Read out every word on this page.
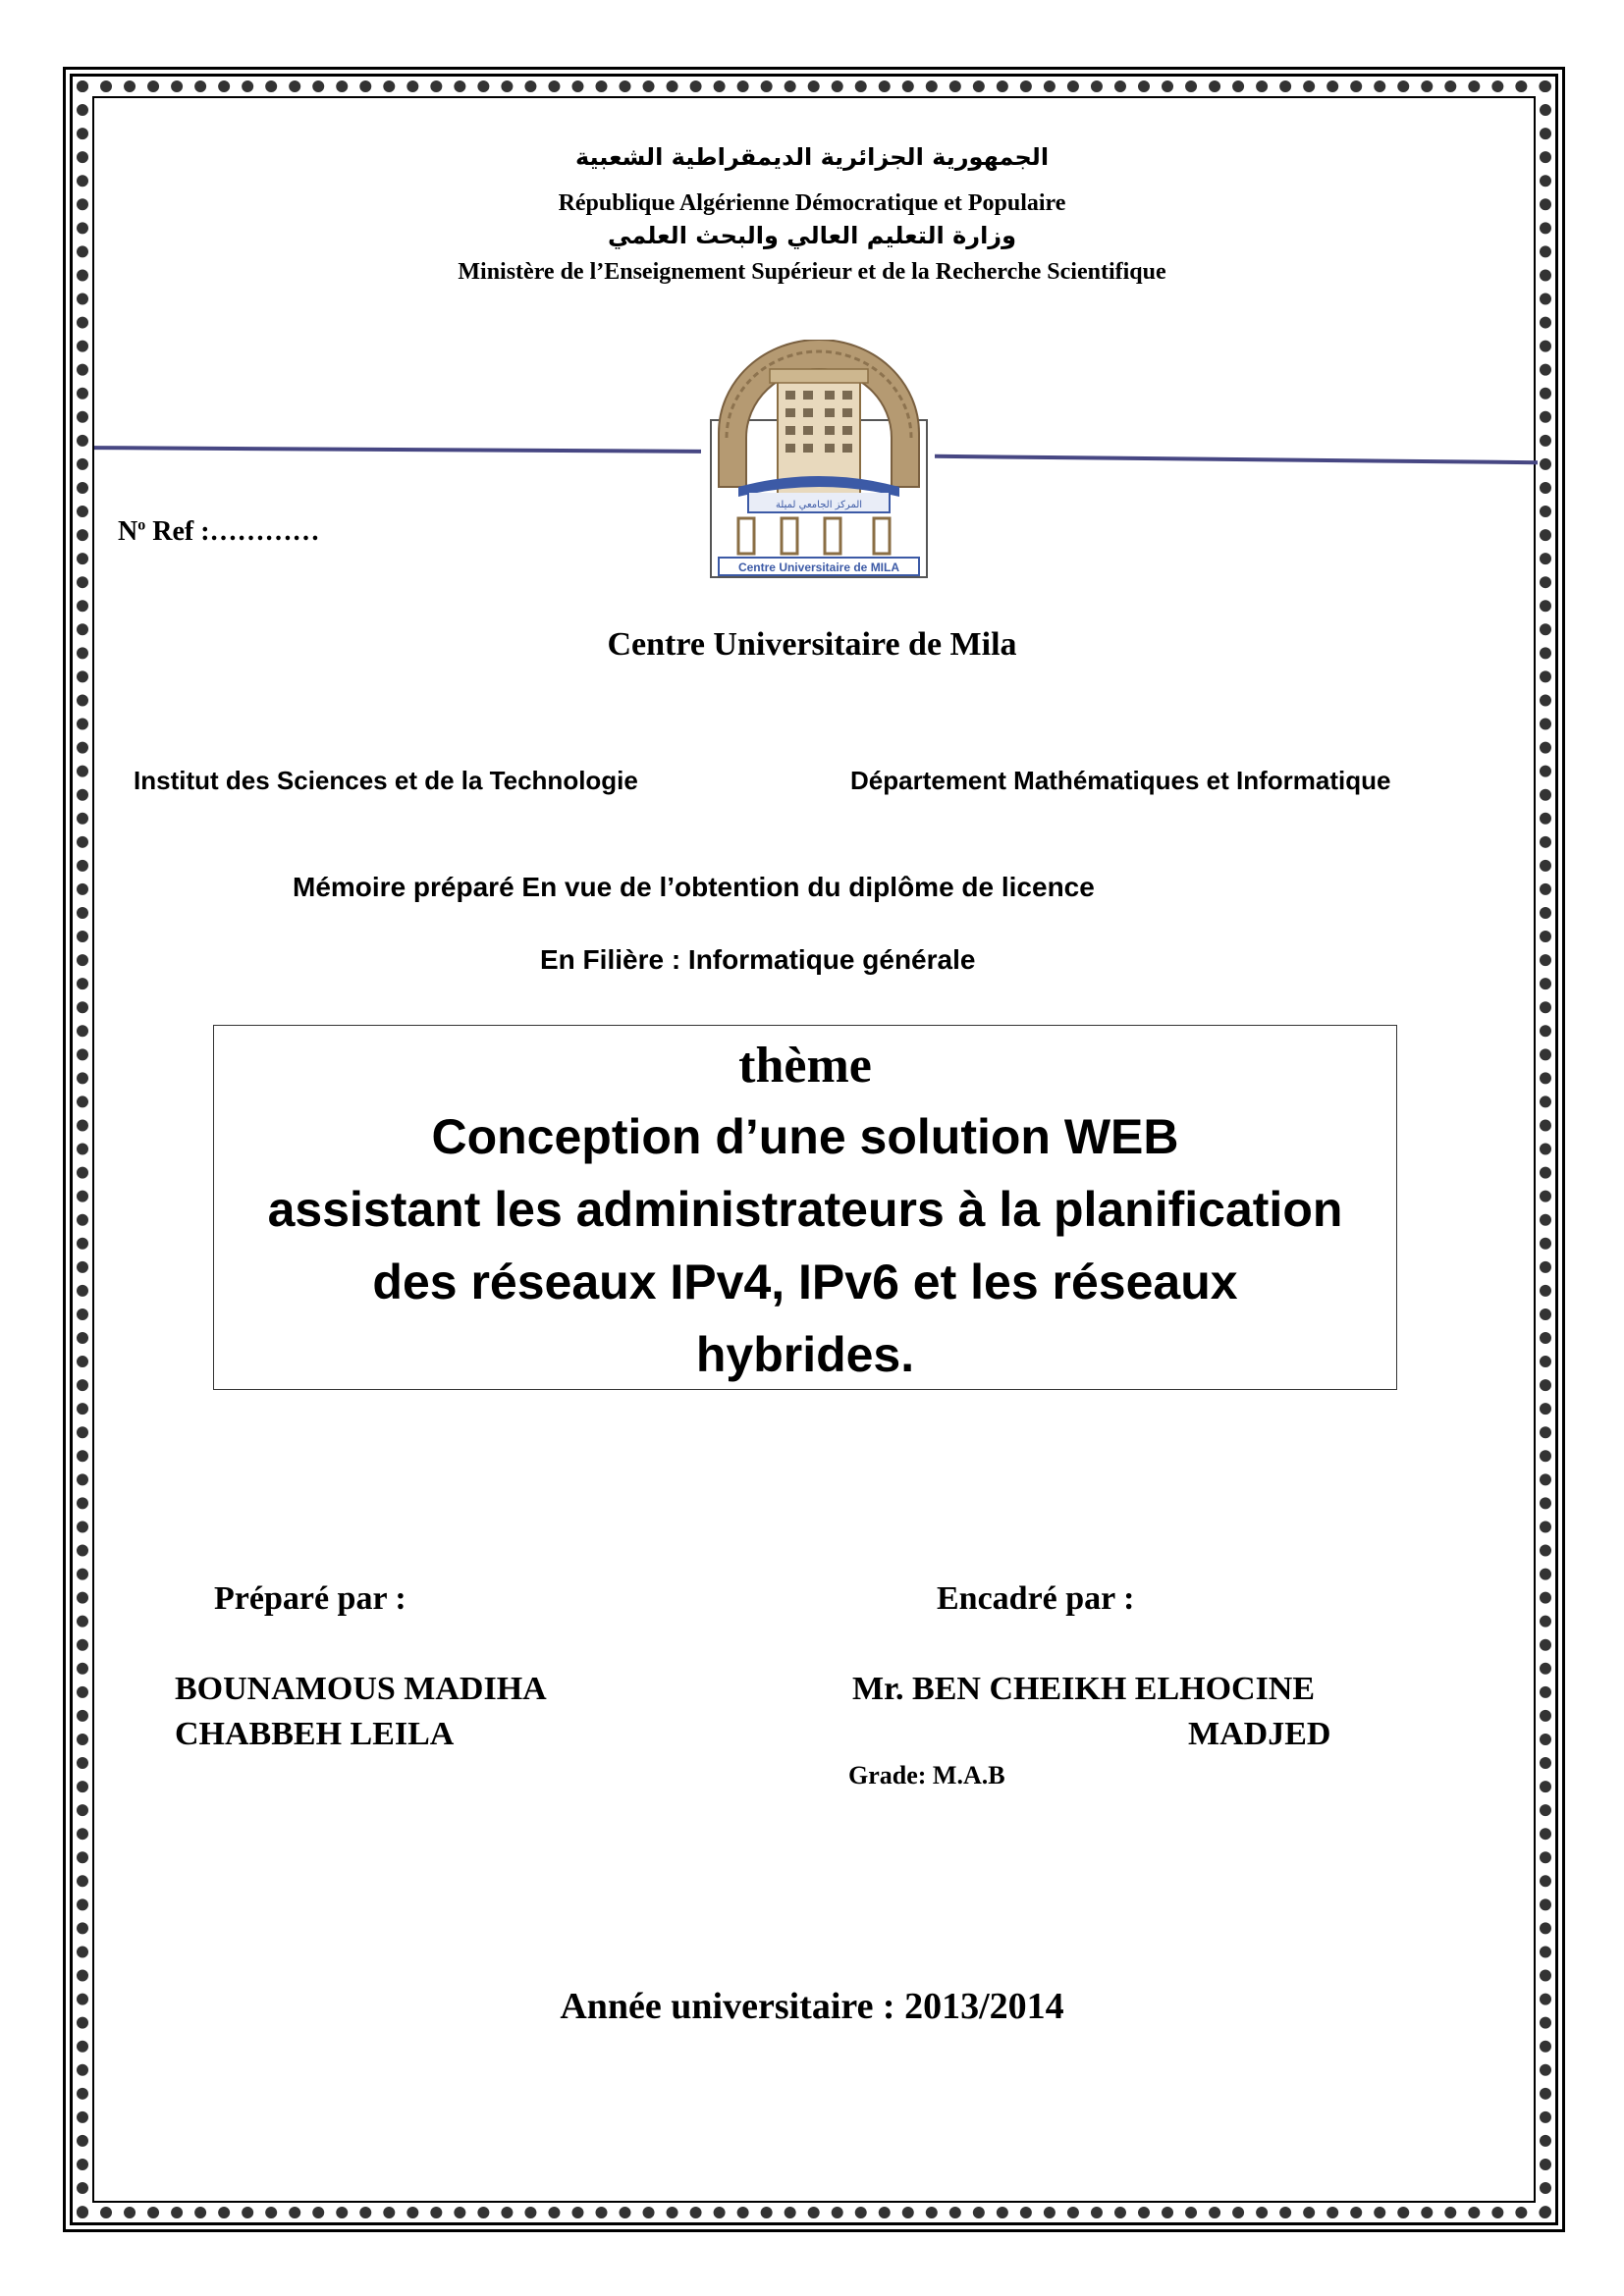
الجمهورية الجزائرية الديمقراطية الشعبية
République Algérienne Démocratique et Populaire
وزارة التعليم العالي والبحث العلمي
Ministère de l’Enseignement Supérieur et de la Recherche Scientifique
المركز الجامعي لميلة
Centre Universitaire de MILA
$N^o$ Ref :…………
Centre Universitaire de Mila
Institut des Sciences et de la Technologie	Département Mathématiques et Informatique
Mémoire préparé En vue de l’obtention du diplôme de licence
En Filière : Informatique générale
thème
Conception d’une solution WEB
assistant les administrateurs à la planification
des réseaux IPv4, IPv6 et les réseaux
hybrides.
Préparé par :	Encadré par :
BOUNAMOUS MADIHA
CHABBEH LEILA
Mr. BEN CHEIKH ELHOCINE
MADJED
Grade: M.A.B
Année universitaire : 2013/2014
